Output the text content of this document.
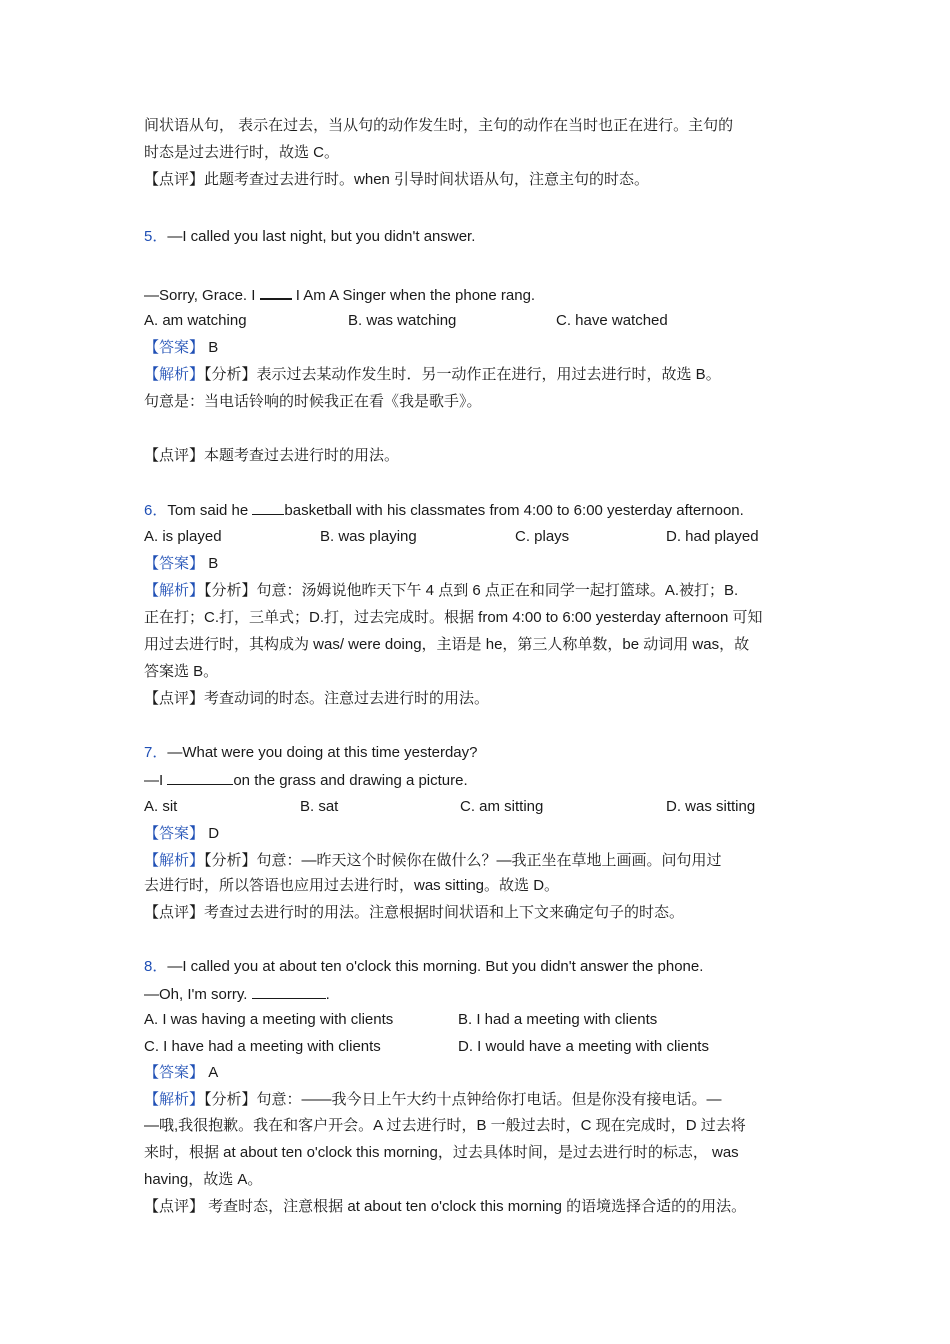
间状语从句， 表示在过去，当从句的动作发生时，主句的动作在当时也正在进行。主句的
时态是过去进行时，故选 C。
【点评】此题考查过去进行时。when 引导时间状语从句，注意主句的时态。
5．—I called you last night, but you didn't answer.
—Sorry, Grace. I  I Am A Singer when the phone rang.
A. am watching	B. was watching	C. have watched
【答案】 B
【解析】【分析】表示过去某动作发生时．另一动作正在进行，用过去进行时，故选 B。
句意是：当电话铃响的时候我正在看《我是歌手》。
【点评】本题考查过去进行时的用法。
6．Tom said he basketball with his classmates from 4:00 to 6:00 yesterday afternoon.
A. is played	B. was playing	C. plays	D. had played
【答案】 B
【解析】【分析】句意：汤姆说他昨天下午 4 点到 6 点正在和同学一起打篮球。A.被打；B.
正在打；C.打，三单式；D.打，过去完成时。根据 from 4:00 to 6:00 yesterday afternoon 可知
用过去进行时，其构成为 was/ were doing，主语是 he，第三人称单数，be 动词用 was，故
答案选 B。
【点评】考查动词的时态。注意过去进行时的用法。
7．—What were you doing at this time yesterday?
—I	on the grass and drawing a picture.
A. sit	B. sat	C. am sitting	D. was sitting
【答案】 D
【解析】【分析】句意：—昨天这个时候你在做什么？—我正坐在草地上画画。问句用过
去进行时，所以答语也应用过去进行时，was sitting。故选 D。
【点评】考查过去进行时的用法。注意根据时间状语和上下文来确定句子的时态。
8．—I called you at about ten o'clock this morning. But you didn't answer the phone.
—Oh, I'm sorry.	.
A. I was having a meeting with clients	B. I had a meeting with clients
C. I have had a meeting with clients	D. I would have a meeting with clients
【答案】 A
【解析】【分析】句意：——我今日上午大约十点钟给你打电话。但是你没有接电话。—
—哦,我很抱歉。我在和客户开会。A 过去进行时，B 一般过去时，C 现在完成时，D 过去将
来时，根据 at about ten o'clock this morning，过去具体时间，是过去进行时的标志， was
having，故选 A。
【点评】 考查时态，注意根据 at about ten o'clock this morning 的语境选择合适的的用法。
